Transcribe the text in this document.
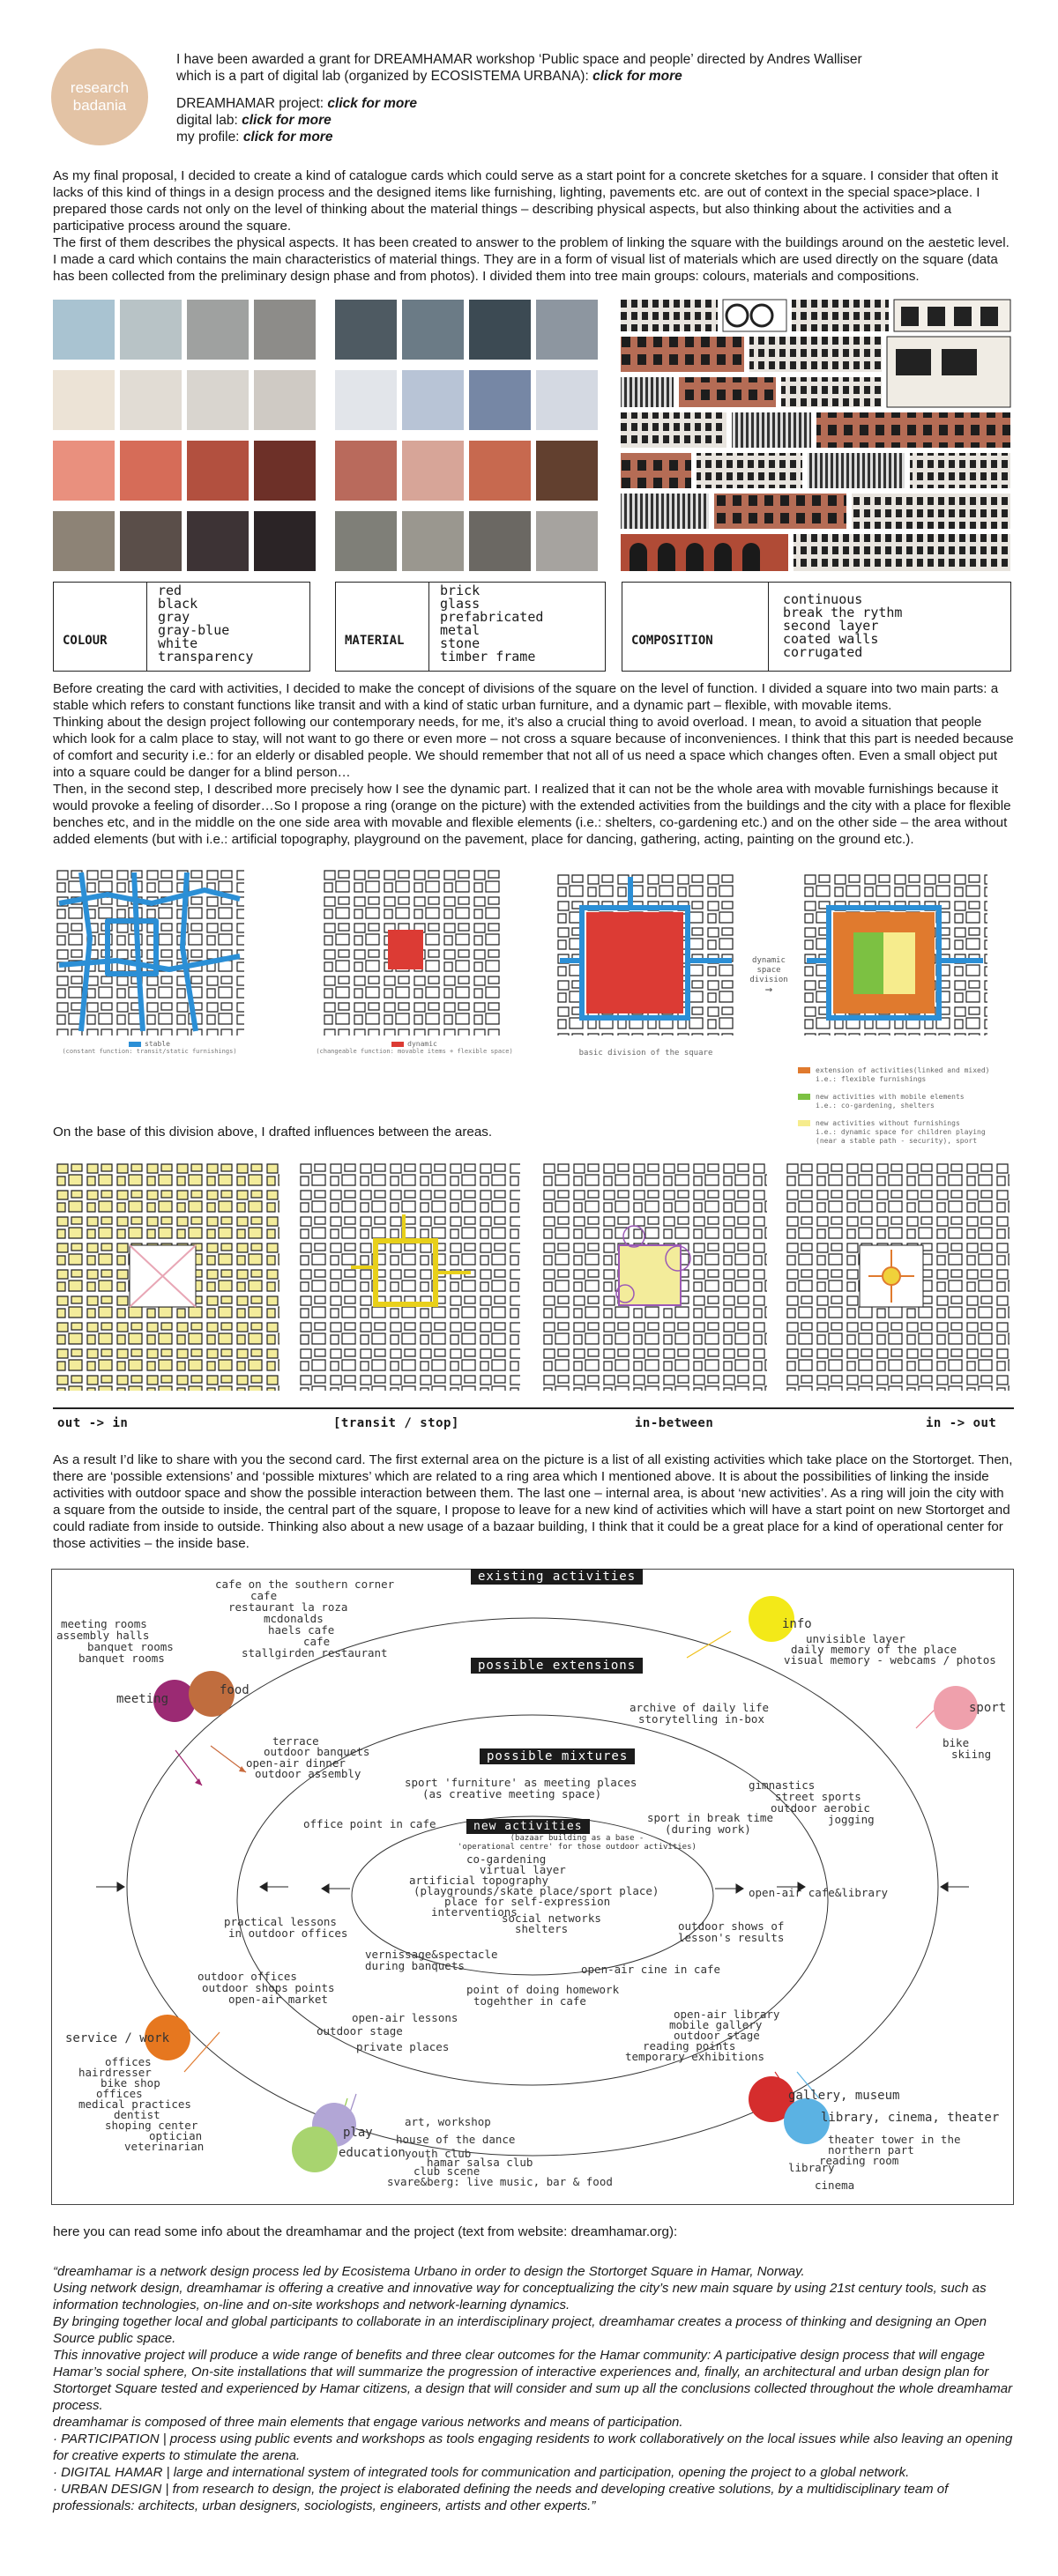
research
badania

I have been awarded a grant for DREAMHAMAR workshop ‘Public space and people’ directed by Andres Walliser

which is a part of digital lab (organized by ECOSISTEMA URBANA): click for more

DREAMHAMAR project: click for more

digital lab: click for more

my profile: click for more

As my final proposal, I decided to create a kind of catalogue cards which could serve as a start point for a concrete sketches for a square. I consider that often it lacks of this kind of things in a design process and the designed items like furnishing, lighting, pavements etc. are out of context in the special space>place. I prepared those cards not only on the level of thinking about the material things – describing physical aspects, but also thinking about the activities and a participative process around the square.

The first of them describes the physical aspects. It has been created to answer to the problem of linking the square with the buildings around on the aestetic level. I made a card which contains the main characteristics of material things. They are in a form of visual list of materials which are used directly on the square (data has been collected from the preliminary design phase and from photos). I divided them into tree main groups: colours, materials and compositions.

COLOUR
red
black
gray
gray-blue
white
transparency
MATERIAL
brick
glass
prefabricated
metal
stone
timber frame
COMPOSITION
continuous
break the rythm
second layer
coated walls
corrugated

Before creating the card with activities, I decided to make the concept of divisions of the square on the level of function. I divided a square into two main parts: a stable which refers to constant functions like transit and with a kind of static urban furniture, and a dynamic part – flexible, with movable items.

Thinking about the design project following our contemporary needs, for me, it’s also a crucial thing to avoid overload. I mean, to avoid a situation that people which look for a calm place to stay, will not want to go there or even more – not cross a square because of inconveniences. I think that this part is needed because of comfort and security i.e.: for an elderly or disabled people. We should remember that not all of us need a space which changes often. Even a small object put into a square could be danger for a blind person…

Then, in the second step, I described more precisely how I see the dynamic part. I realized that it can not be the whole area with movable furnishings because it would provoke a feeling of disorder…So I propose a ring (orange on the picture) with the extended activities from the buildings and the city with a place for flexible benches etc, and in the middle on the one side area with movable and flexible elements (i.e.: shelters, co-gardening etc.) and on the other side – the area without added elements (but with i.e.: artificial topography, playground on the pavement, place for dancing, gathering, acting, painting on the ground etc.).

stable
(constant function: transit/static furnishings)
dynamic
(changeable function: movable items + flexible space)	basic division of the square
dynamic
space
division
→
extension of activities(linked and mixed)
i.e.: flexible furnishings
new activities with mobile elements
i.e.: co-gardening, shelters
new activities without furnishings
i.e.: dynamic space for children playing
(near a stable path - security), sport
On the base of this division above, I drafted influences between the areas.
out -> in	[transit / stop]	in-between	in -> out
As a result I’d like to share with you the second card. The first external area on the picture is a list of all existing activities which take place on the Stortorget. Then, there are ‘possible extensions’ and ‘possible mixtures’ which are related to a ring area which I mentioned above. It is about the possibilities of linking the inside activities with outdoor space and show the possible interaction between them. The last one – internal area, is about ‘new activities’. As a ring will join the city with a square from the outside to inside, the central part of the square, I propose to leave for a new kind of activities which will have a start point on new Stortorget and could radiate from inside to outside. Thinking also about a new usage of a bazaar building, I think that it could be a great place for a kind of operational center for those activities – the inside base.
existing activities
possible extensions
possible mixtures
new activities
(bazaar building as a base -
'operational centre' for those outdoor activities)
cafe on the southern corner
cafe
restaurant la roza
mcdonalds
haels cafe
cafe
stallgirden restaurant
meeting rooms
assembly halls
banquet rooms
banquet rooms
meeting
food
info
unvisible layer
daily memory of the place
visual memory - webcams / photos
archive of daily life
storytelling in-box
sport
bike
skiing
terrace
outdoor banquets
open-air dinner
outdoor assembly
sport 'furniture' as meeting places
(as creative meeting space)
gimnastics
street sports
outdoor aerobic
jogging
sport in break time
(during work)
office point in cafe
co-gardening
virtual layer
artificial topography
(playgrounds/skate place/sport place)
place for self-expression
interventions
social networks
shelters
open-air cafe&library
practical lessons
in outdoor offices
outdoor shows of
lesson's results
vernissage&spectacle
during banquets	open-air cine in cafe
point of doing homework
togehther in cafe
outdoor offices
outdoor shops points
open-air market
open-air lessons
outdoor stage
private places
open-air library
mobile gallery
outdoor stage
reading points
temporary exhibitions
service / work
offices
hairdresser
bike shop
offices
medical practices
dentist
shoping center
optician
veterinarian
play
education
art, workshop
house of the dance
youth club
hamar salsa club
club scene
svare&berg: live music, bar & food
gallery, museum
library, cinema, theater
theater tower in the
northern part
reading room
library
cinema
here you can read some info about the dreamhamar and the project (text from website: dreamhamar.org):

“dreamhamar is a network design process led by Ecosistema Urbano in order to design the Stortorget Square in Hamar, Norway.

Using network design, dreamhamar is offering a creative and innovative way for conceptualizing the city’s new main square by using 21st century tools, such as information technologies, on-line and on-site workshops and network-learning dynamics.

By bringing together local and global participants to collaborate in an interdisciplinary project, dreamhamar creates a process of thinking and designing an Open Source public space.

This innovative project will produce a wide range of benefits and three clear outcomes for the Hamar community: A participative design process that will engage Hamar’s social sphere, On-site installations that will summarize the progression of interactive experiences and, finally, an architectural and urban design plan for Stortorget Square tested and experienced by Hamar citizens, a design that will consider and sum up all the conclusions collected throughout the whole dreamhamar process.

dreamhamar is composed of three main elements that engage various networks and means of participation.

· PARTICIPATION | process using public events and workshops as tools engaging residents to work collaboratively on the local issues while also leaving an opening for creative experts to stimulate the arena.

· DIGITAL HAMAR | large and international system of integrated tools for communication and participation, opening the project to a global network.

· URBAN DESIGN | from research to design, the project is elaborated defining the needs and developing creative solutions, by a multidisciplinary team of professionals: architects, urban designers, sociologists, engineers, artists and other experts.”
